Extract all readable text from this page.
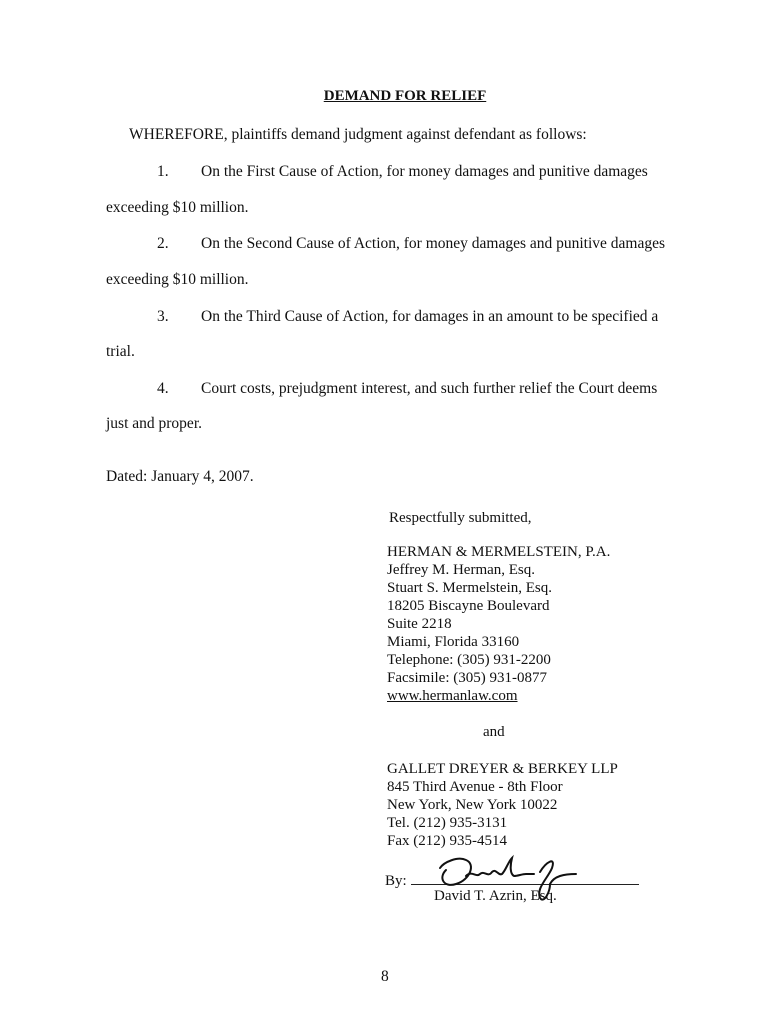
DEMAND FOR RELIEF
WHEREFORE, plaintiffs demand judgment against defendant as follows:
1. On the First Cause of Action, for money damages and punitive damages
exceeding $10 million.
2. On the Second Cause of Action, for money damages and punitive damages
exceeding $10 million.
3. On the Third Cause of Action, for damages in an amount to be specified a
trial.
4. Court costs, prejudgment interest, and such further relief the Court deems
just and proper.
Dated: January 4, 2007.
Respectfully submitted,
HERMAN & MERMELSTEIN, P.A.
Jeffrey M. Herman, Esq.
Stuart S. Mermelstein, Esq.
18205 Biscayne Boulevard
Suite 2218
Miami, Florida 33160
Telephone: (305) 931-2200
Facsimile: (305) 931-0877
www.hermanlaw.com
and
GALLET DREYER & BERKEY LLP
845 Third Avenue - 8th Floor
New York, New York 10022
Tel. (212) 935-3131
Fax (212) 935-4514
By:
David T. Azrin, Esq.
8
